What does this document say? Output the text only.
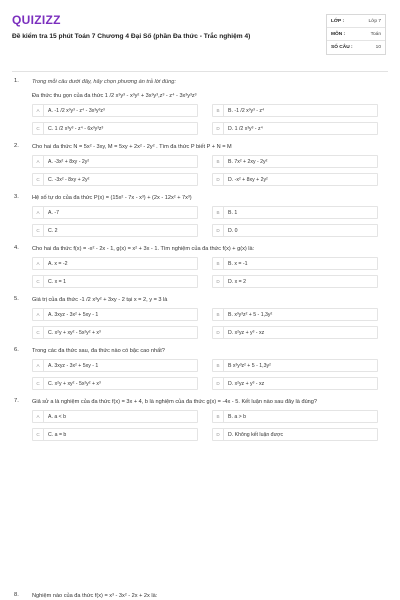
QUIZIZZ
Đề kiểm tra 15 phút Toán 7 Chương 4 Đại Số (phần Đa thức - Trắc nghiệm 4)
LỚP :	Lớp 7
MÔN :	Toán
SỐ CÂU :	10
1.	Trong mỗi câu dưới đây, hãy chọn phương án trả lời đúng:
Đa thức thu gọn của đa thức 1 /2 x³y³ - x³y² + 3x³y³,z³ - z⁴ - 3x³y³z³
A	A. -1 /2 x³y³ - z⁴ - 3x³y³z³	B	B. -1 /2 x³y³ - z⁴
C	C. 1 /2 x³y³ - z⁴ - 6x³y³z³	D	D. 1 /2 x³y³ - z⁴
2.	Cho hai đa thức N = 5x² - 3xy, M = 5xy + 2x² - 2y² . Tìm đa thức P biết P + N = M
A	A. -3x² + 8xy - 2y²	B	B. 7x² + 2xy - 2y²
C	C. -3x² - 8xy + 2y²	D	D. -x² + 8xy + 2y²
3.	Hệ số tự do của đa thức P(x) = (15x² - 7x - x³) + (2x - 12x² + 7x³)
A	A. -7	B	B. 1
C	C. 2	D	D. 0
4.	Cho hai đa thức f(x) = -x² - 2x - 1, g(x) = x² + 3x - 1. Tìm nghiệm của đa thức f(x) + g(x) là:
A	A. x = -2	B	B. x = -1
C	C. x = 1	D	D. x = 2
5.	Giá trị của đa thức -1 /2 x³y² + 3xy - 2 tại x = 2, y = 3 là
A	A. 3xyz - 3x² + 5xy - 1	B	B. x³y³z² + 5 - 1,3y²
C	C. x²y + xy² - 5x²y² + x³	D	D. x²yz + y³ - xz
6.	Trong các đa thức sau, đa thức nào có bậc cao nhất?
A	A. 3xyz - 3x² + 5xy - 1	B	B x³y³z² + 5 - 1,3y²
C	C. x²y + xy² - 5x²y² + x³	D	D. x²yz + y³ - xz
7.	Giả sử a là nghiệm của đa thức f(x) = 3x + 4, b là nghiệm của đa thức g(x) = -4x - 5. Kết luận nào sau đây là đúng?
A	A. a < b	B	B. a > b
C	C. a = b	D	D. Không kết luận được
8.	Nghiệm nào của đa thức f(x) = x³ - 3x² - 2x + 2x là:
